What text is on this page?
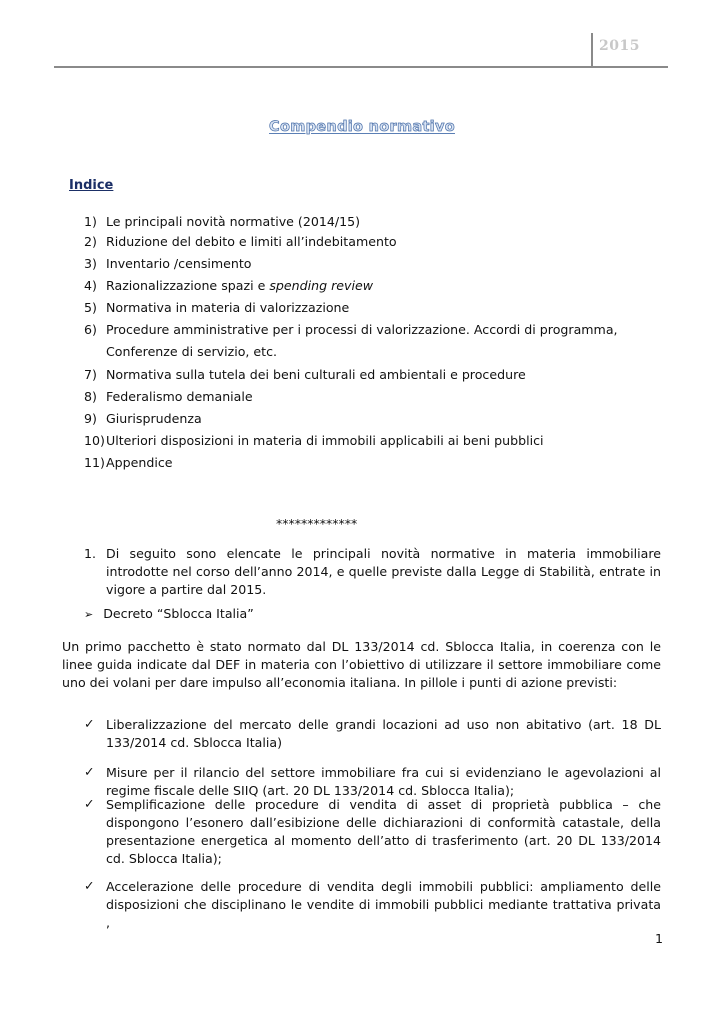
2015
Compendio normativo
Indice
1) Le principali novità normative (2014/15)
2) Riduzione del debito e limiti all’indebitamento
3) Inventario /censimento
4) Razionalizzazione spazi e spending review
5) Normativa in materia di valorizzazione
6) Procedure amministrative per i processi di valorizzazione. Accordi di programma,
Conferenze di servizio, etc.
7) Normativa sulla tutela dei beni culturali ed ambientali e procedure
8) Federalismo demaniale
9) Giurisprudenza
10)Ulteriori disposizioni in materia di immobili applicabili ai beni pubblici
11)Appendice
*************
1. Di seguito sono elencate le principali novità normative in materia immobiliare introdotte nel corso dell’anno 2014, e quelle previste dalla Legge di Stabilità, entrate in vigore a partire dal 2015.
➢ Decreto “Sblocca Italia”
Un primo pacchetto è stato normato dal DL 133/2014 cd. Sblocca Italia, in coerenza con le linee guida indicate dal DEF in materia con l’obiettivo di utilizzare il settore immobiliare come uno dei volani per dare impulso all’economia italiana. In pillole i punti di azione previsti:
✓ Liberalizzazione del mercato delle grandi locazioni ad uso non abitativo (art. 18 DL 133/2014 cd. Sblocca Italia)
✓ Misure per il rilancio del settore immobiliare fra cui si evidenziano le agevolazioni al regime fiscale delle SIIQ (art. 20 DL 133/2014 cd. Sblocca Italia);
✓ Semplificazione delle procedure di vendita di asset di proprietà pubblica – che dispongono l’esonero dall’esibizione delle dichiarazioni di conformità catastale, della presentazione energetica al momento dell’atto di trasferimento (art. 20 DL 133/2014 cd. Sblocca Italia);
✓ Accelerazione delle procedure di vendita degli immobili pubblici: ampliamento delle disposizioni che disciplinano le vendite di immobili pubblici mediante trattativa privata ,
1
